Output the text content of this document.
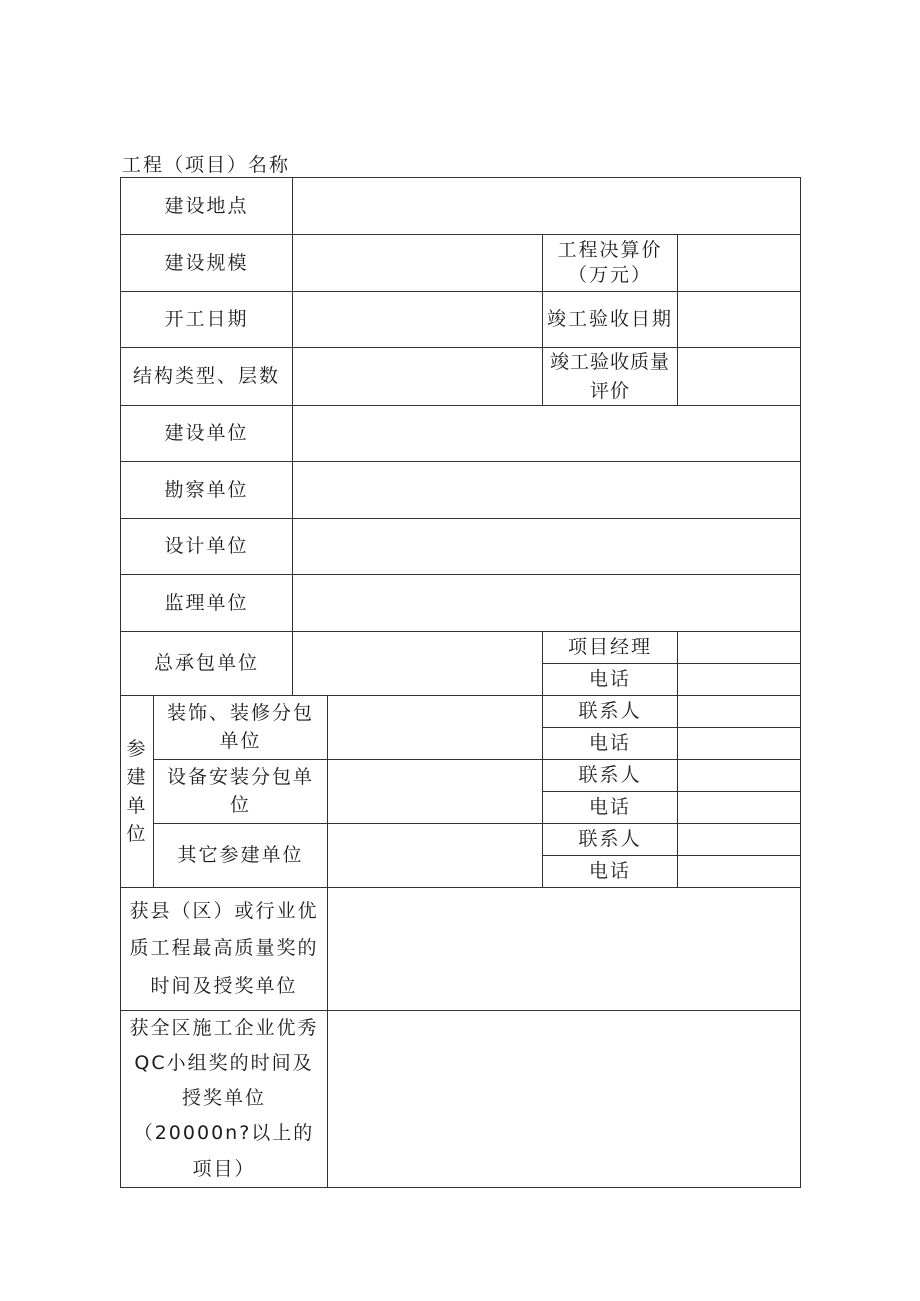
工程（项目）名称
建设地点					
建设规模				工程决算价（万元）	
开工日期				竣工验收日期	
结构类型、层数				竣工验收质量评价	
建设单位					
勘察单位					
设计单位					
监理单位					
总承包单位				项目经理	
				电话	

参
建
单
位	装饰、装修分包单位			联系人	
				电话	
	设备安装分包单位			联系人	
				电话	
	其它参建单位			联系人	
				电话	
获县（区）或行业优质工程最高质量奖的时间及授奖单位					
获全区施工企业优秀QC小组奖的时间及授奖单位（20000n?以上的项目）					
